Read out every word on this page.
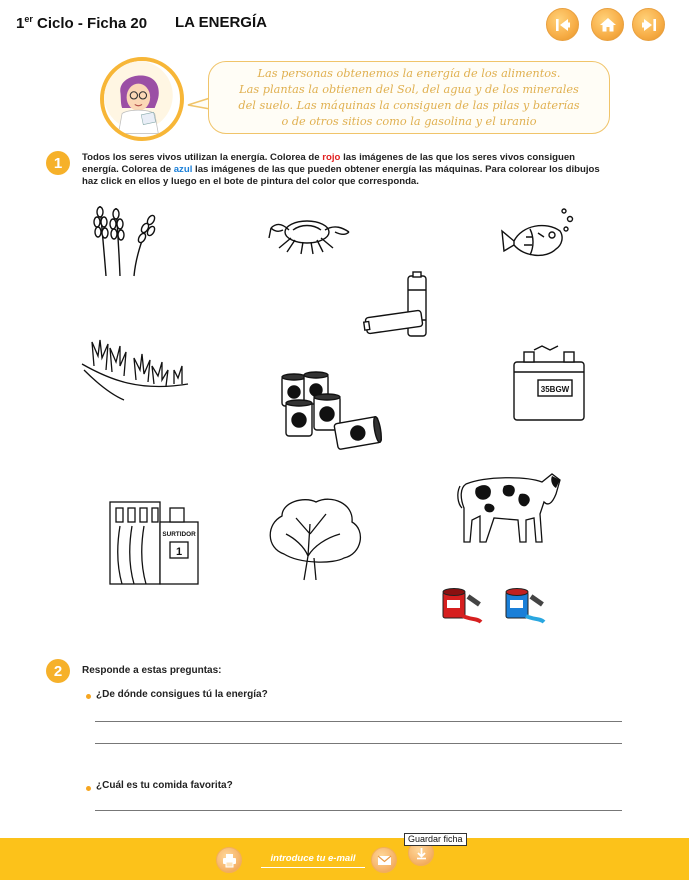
1er Ciclo - Ficha 20 LA ENERGÍA
Las personas obtenemos la energía de los alimentos.
Las plantas la obtienen del Sol, del agua y de los minerales
del suelo. Las máquinas la consiguen de las pilas y baterías
o de otros sitios como la gasolina y el uranio
1	Todos los seres vivos utilizan la energía. Colorea de rojo las imágenes de las que los seres vivos consiguen energía. Colorea de azul las imágenes de las que pueden obtener energía las máquinas. Para colorear los dibujos haz click en ellos y luego en el bote de pintura del color que corresponda.
35BGW
SURTIDOR
1
2	Responde a estas preguntas:
¿De dónde consigues tú la energía?
¿Cuál es tu comida favorita?
Guardar ficha
introduce tu e-mail
